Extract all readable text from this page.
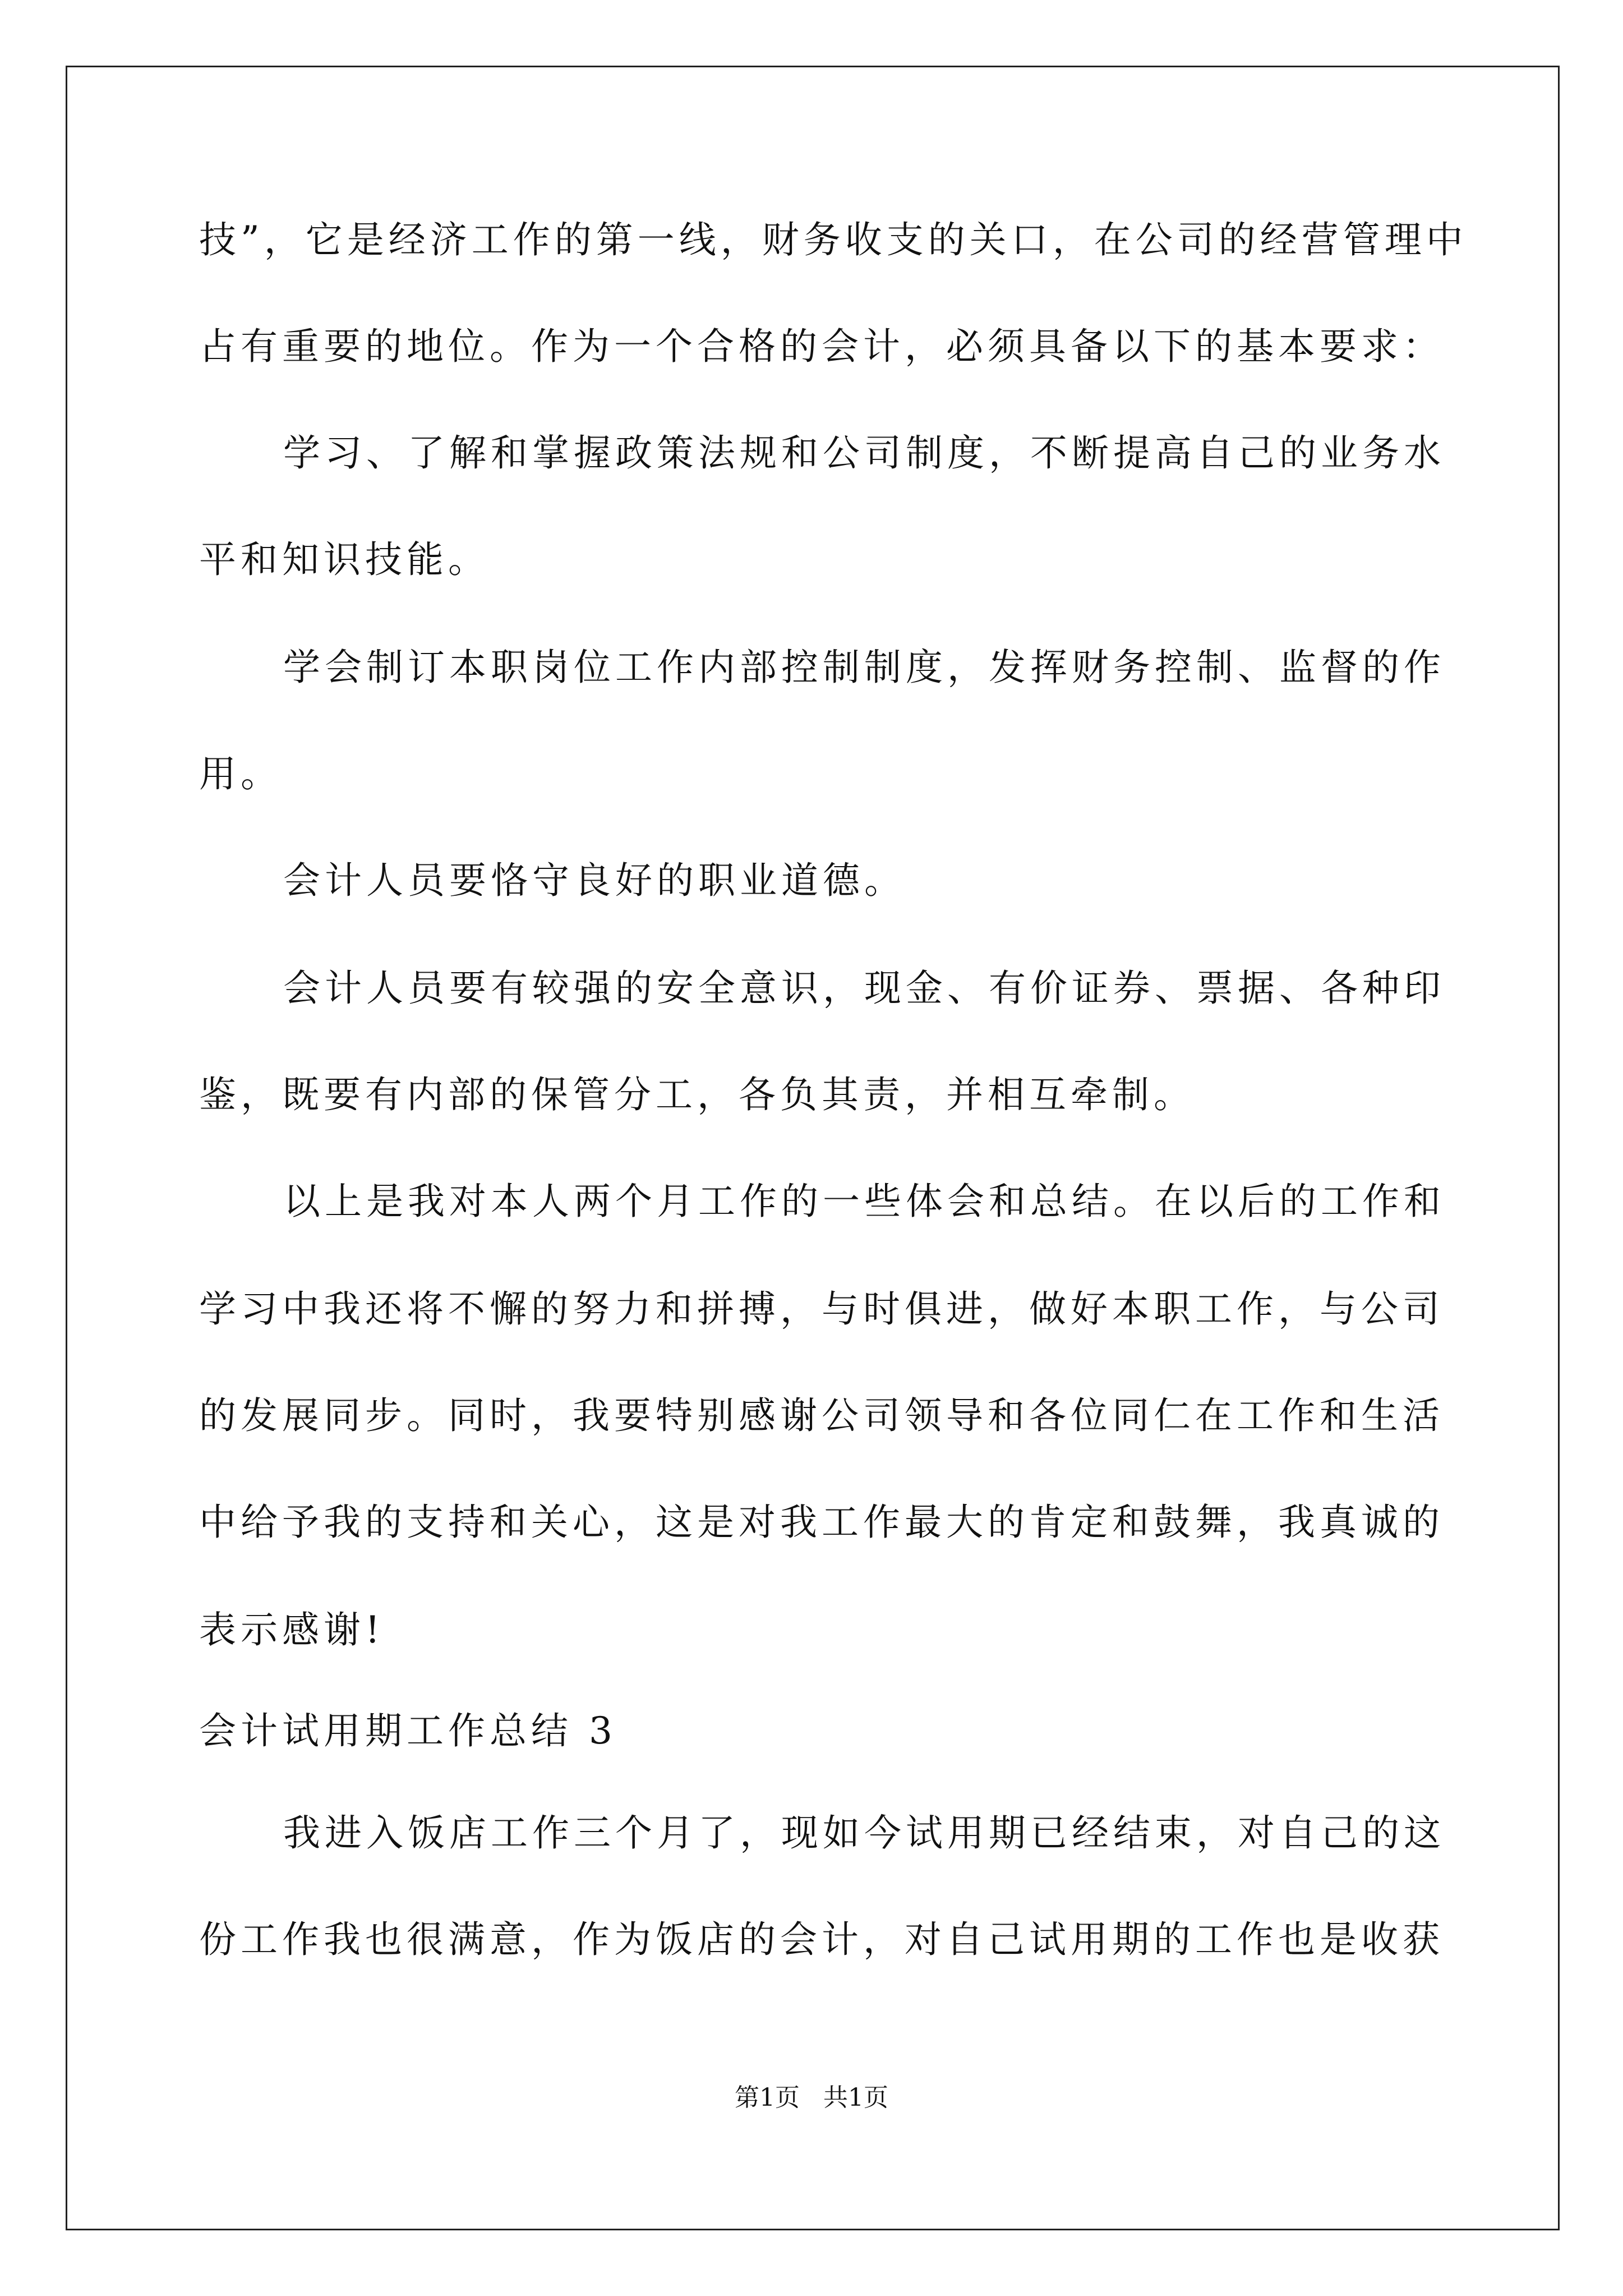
技”，它是经济工作的第一线，财务收支的关口，在公司的经营管理中
占有重要的地位。作为一个合格的会计，必须具备以下的基本要求：
学习、了解和掌握政策法规和公司制度，不断提高自己的业务水
平和知识技能。
学会制订本职岗位工作内部控制制度，发挥财务控制、监督的作
用。
会计人员要恪守良好的职业道德。
会计人员要有较强的安全意识，现金、有价证券、票据、各种印
鉴，既要有内部的保管分工，各负其责，并相互牵制。
以上是我对本人两个月工作的一些体会和总结。在以后的工作和
学习中我还将不懈的努力和拼搏，与时俱进，做好本职工作，与公司
的发展同步。同时，我要特别感谢公司领导和各位同仁在工作和生活
中给予我的支持和关心，这是对我工作最大的肯定和鼓舞，我真诚的
表示感谢!
会计试用期工作总结 3
我进入饭店工作三个月了，现如今试用期已经结束，对自己的这
份工作我也很满意，作为饭店的会计，对自己试用期的工作也是收获
第1页   共1页
